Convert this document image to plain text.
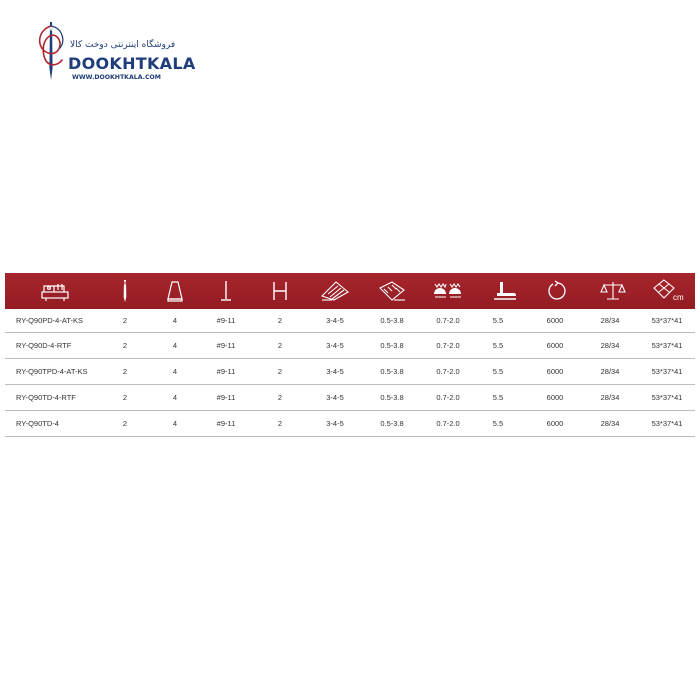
فروشگاه اینترنتی دوخت کالا
DOOKHTKALA
WWW.DOOKHTKALA.COM
cm
RY-Q90PD-4-AT-KS	2	4	#9-11	2	3-4-5	0.5-3.8	0.7-2.0	5.5	6000	28/34	53*37*41
RY-Q90D-4-RTF	2	4	#9-11	2	3-4-5	0.5-3.8	0.7-2.0	5.5	6000	28/34	53*37*41
RY-Q90TPD-4-AT-KS	2	4	#9-11	2	3-4-5	0.5-3.8	0.7-2.0	5.5	6000	28/34	53*37*41
RY-Q90TD-4-RTF	2	4	#9-11	2	3-4-5	0.5-3.8	0.7-2.0	5.5	6000	28/34	53*37*41
RY-Q90TD-4	2	4	#9-11	2	3-4-5	0.5-3.8	0.7-2.0	5.5	6000	28/34	53*37*41
